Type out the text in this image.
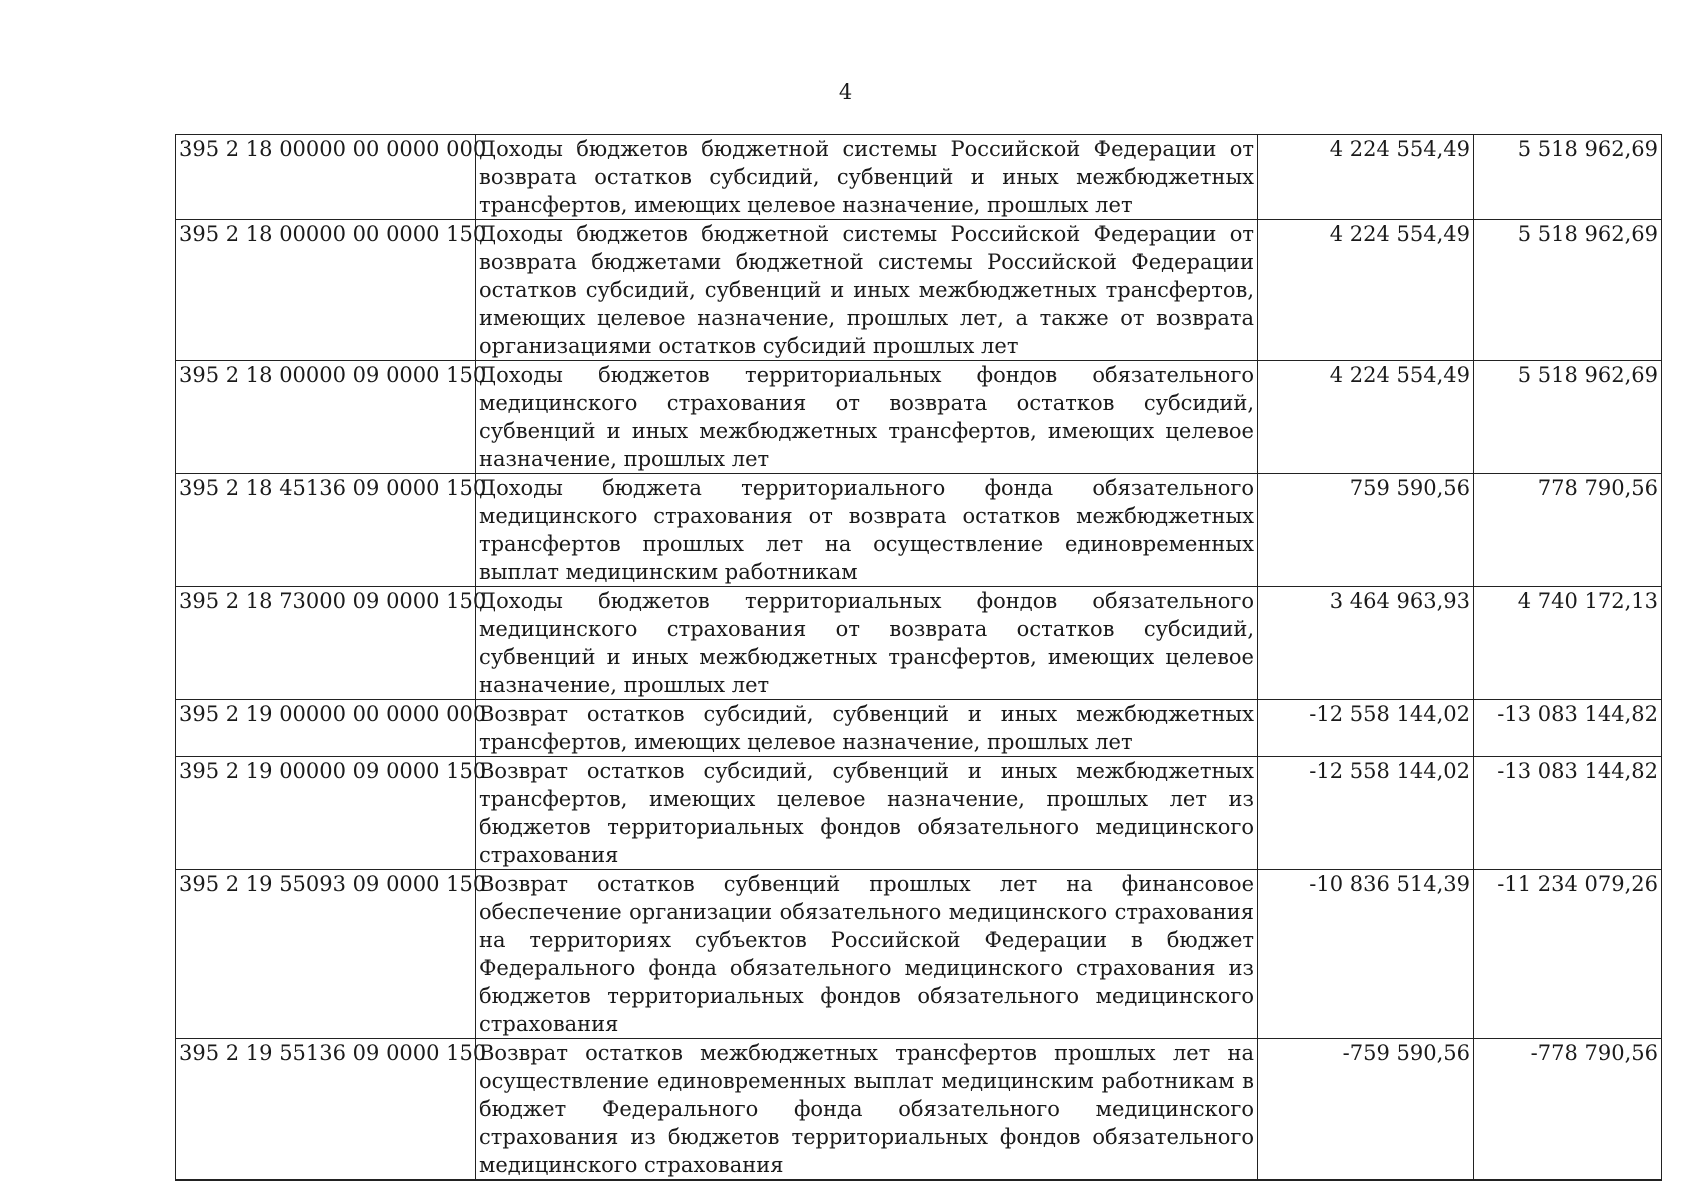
4
395 2 18 00000 00 0000 000	Доходы бюджетов бюджетной системы Российской Федерации от возврата остатков субсидий, субвенций и иных межбюджетных трансфертов, имеющих целевое назначение, прошлых лет	4 224 554,49	5 518 962,69
395 2 18 00000 00 0000 150	Доходы бюджетов бюджетной системы Российской Федерации от возврата бюджетами бюджетной системы Российской Федерации остатков субсидий, субвенций и иных межбюджетных трансфертов, имеющих целевое назначение, прошлых лет, а также от возврата организациями остатков субсидий прошлых лет	4 224 554,49	5 518 962,69
395 2 18 00000 09 0000 150	Доходы бюджетов территориальных фондов обязательного медицинского страхования от возврата остатков субсидий, субвенций и иных межбюджетных трансфертов, имеющих целевое назначение, прошлых лет	4 224 554,49	5 518 962,69
395 2 18 45136 09 0000 150	Доходы бюджета территориального фонда обязательного медицинского страхования от возврата остатков межбюджетных трансфертов прошлых лет на осуществление единовременных выплат медицинским работникам	759 590,56	778 790,56
395 2 18 73000 09 0000 150	Доходы бюджетов территориальных фондов обязательного медицинского страхования от возврата остатков субсидий, субвенций и иных межбюджетных трансфертов, имеющих целевое назначение, прошлых лет	3 464 963,93	4 740 172,13
395 2 19 00000 00 0000 000	Возврат остатков субсидий, субвенций и иных межбюджетных трансфертов, имеющих целевое назначение, прошлых лет	-12 558 144,02	-13 083 144,82
395 2 19 00000 09 0000 150	Возврат остатков субсидий, субвенций и иных межбюджетных трансфертов, имеющих целевое назначение, прошлых лет из бюджетов территориальных фондов обязательного медицинского страхования	-12 558 144,02	-13 083 144,82
395 2 19 55093 09 0000 150	Возврат остатков субвенций прошлых лет на финансовое обеспечение организации обязательного медицинского страхования на территориях субъектов Российской Федерации в бюджет Федерального фонда обязательного медицинского страхования из бюджетов территориальных фондов обязательного медицинского страхования	-10 836 514,39	-11 234 079,26
395 2 19 55136 09 0000 150	Возврат остатков межбюджетных трансфертов прошлых лет на осуществление единовременных выплат медицинским работникам в бюджет Федерального фонда обязательного медицинского страхования из бюджетов территориальных фондов обязательного медицинского страхования	-759 590,56	-778 790,56
